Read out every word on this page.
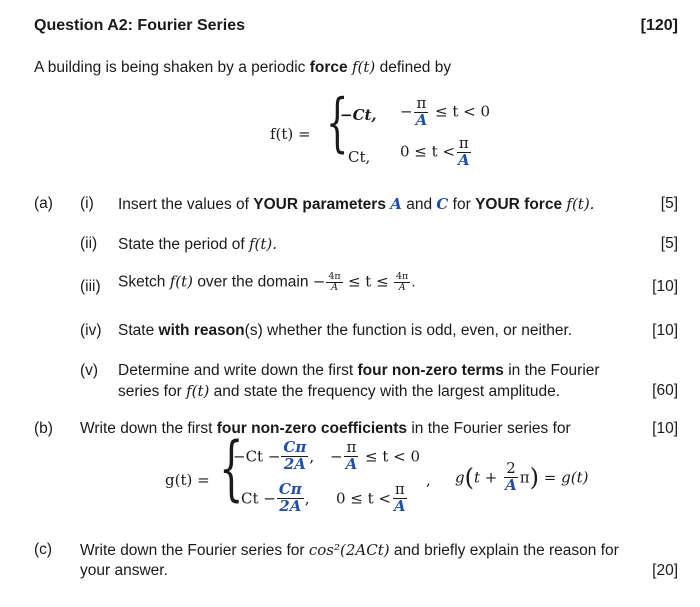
Question A2: Fourier Series	[120]
A building is being shaken by a periodic force f(t) defined by
f(t) = {
−Ct, − $\frac{\pi}{A} \le t < 0$
Ct, $0 \le t < \frac{\pi}{A}$
(a) (i) Insert the values of YOUR parameters A and C for YOUR force f(t).	[5]
(ii) State the period of f(t).	[5]
(iii) Sketch f(t) over the domain − $\frac{4\pi}{A} \le t \le \frac{4\pi}{A}$ .	[10]
(iv) State with reason(s) whether the function is odd, even, or neither.	[10]
(v) Determine and write down the first four non-zero terms in the Fourier
series for f(t) and state the frequency with the largest amplitude.	[60]
(b) Write down the first four non-zero coefficients in the Fourier series for	[10]
g(t) = {
$-Ct - \frac{C\pi}{2A}$ , − $\frac{\pi}{A} \le t < 0$
$Ct - \frac{C\pi}{2A}$ , $0 \le t < \frac{\pi}{A}$
, $g(t + \frac{2}{A} \pi) = g(t)$
(c) Write down the Fourier series for cos²(2ACt) and briefly explain the reason for
your answer.	[20]
